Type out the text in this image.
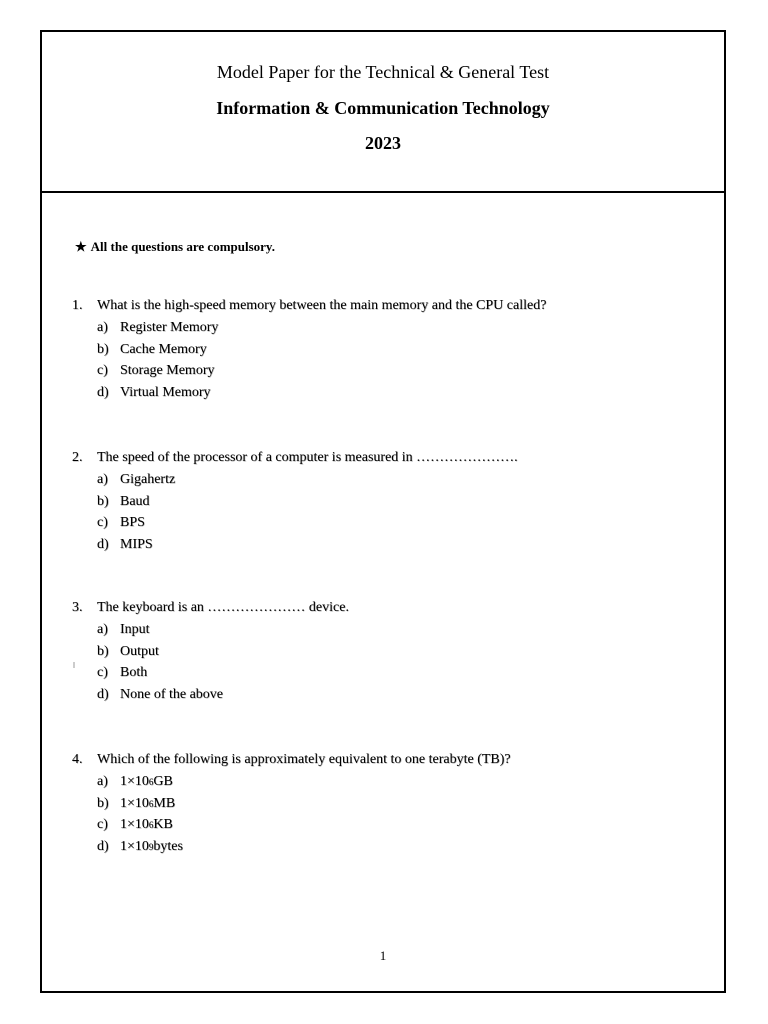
Model Paper for the Technical & General Test
Information & Communication Technology
2023
★ All the questions are compulsory.
1.	What is the high-speed memory between the main memory and the CPU called?
a) Register Memory
b) Cache Memory
c) Storage Memory
d) Virtual Memory
2.	The speed of the processor of a computer is measured in ………………….
a) Gigahertz
b) Baud
c) BPS
d) MIPS
3.	The keyboard is an ………………… device.
a) Input
b) Output
c) Both
d) None of the above
4.	Which of the following is approximately equivalent to one terabyte (TB)?
a) 1×10 6 GB
b) 1×10 6 MB
c) 1×10 6 KB
d) 1×10 9 bytes
1
